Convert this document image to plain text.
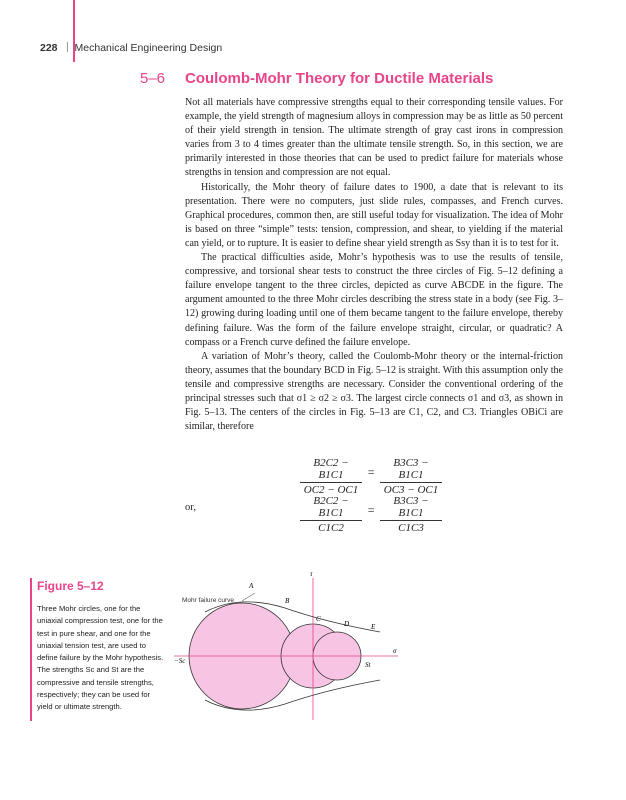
228 Mechanical Engineering Design
5–6 Coulomb-Mohr Theory for Ductile Materials

Not all materials have compressive strengths equal to their corresponding tensile values. For example, the yield strength of magnesium alloys in compression may be as little as 50 percent of their yield strength in tension. The ultimate strength of gray cast irons in compression varies from 3 to 4 times greater than the ultimate tensile strength. So, in this section, we are primarily interested in those theories that can be used to predict failure for materials whose strengths in tension and compression are not equal.

Historically, the Mohr theory of failure dates to 1900, a date that is relevant to its presentation. There were no computers, just slide rules, compasses, and French curves. Graphical procedures, common then, are still useful today for visualization. The idea of Mohr is based on three “simple” tests: tension, compression, and shear, to yielding if the material can yield, or to rupture. It is easier to define shear yield strength as Ssy than it is to test for it.

The practical difficulties aside, Mohr’s hypothesis was to use the results of tensile, compressive, and torsional shear tests to construct the three circles of Fig. 5–12 defining a failure envelope tangent to the three circles, depicted as curve ABCDE in the figure. The argument amounted to the three Mohr circles describing the stress state in a body (see Fig. 3–12) growing during loading until one of them became tangent to the failure envelope, thereby defining failure. Was the form of the failure envelope straight, circular, or quadratic? A compass or a French curve defined the failure envelope.

A variation of Mohr’s theory, called the Coulomb-Mohr theory or the internal-friction theory, assumes that the boundary BCD in Fig. 5–12 is straight. With this assumption only the tensile and compressive strengths are necessary. Consider the conventional ordering of the principal stresses such that σ1 ≥ σ2 ≥ σ3. The largest circle connects σ1 and σ3, as shown in Fig. 5–13. The centers of the circles in Fig. 5–13 are C1, C2, and C3. Triangles OBiCi are similar, therefore

$\frac{B2C2 - B1C1}{OC2 - OC1} = \frac{B3C3 - B1C1}{OC3 - OC1}$
or,	$\frac{B2C2 - B1C1}{C1C2} = \frac{B3C3 - B1C1}{C1C3}$
Figure 5–12
Three Mohr circles, one for the uniaxial compression test, one for the test in pure shear, and one for the uniaxial tension test, are used to define failure by the Mohr hypothesis. The strengths Sc and St are the compressive and tensile strengths, respectively; they can be used for yield or ultimate strength.
Mohr failure curve
A
B
C
D	E
τ
σ
−Sc	St
